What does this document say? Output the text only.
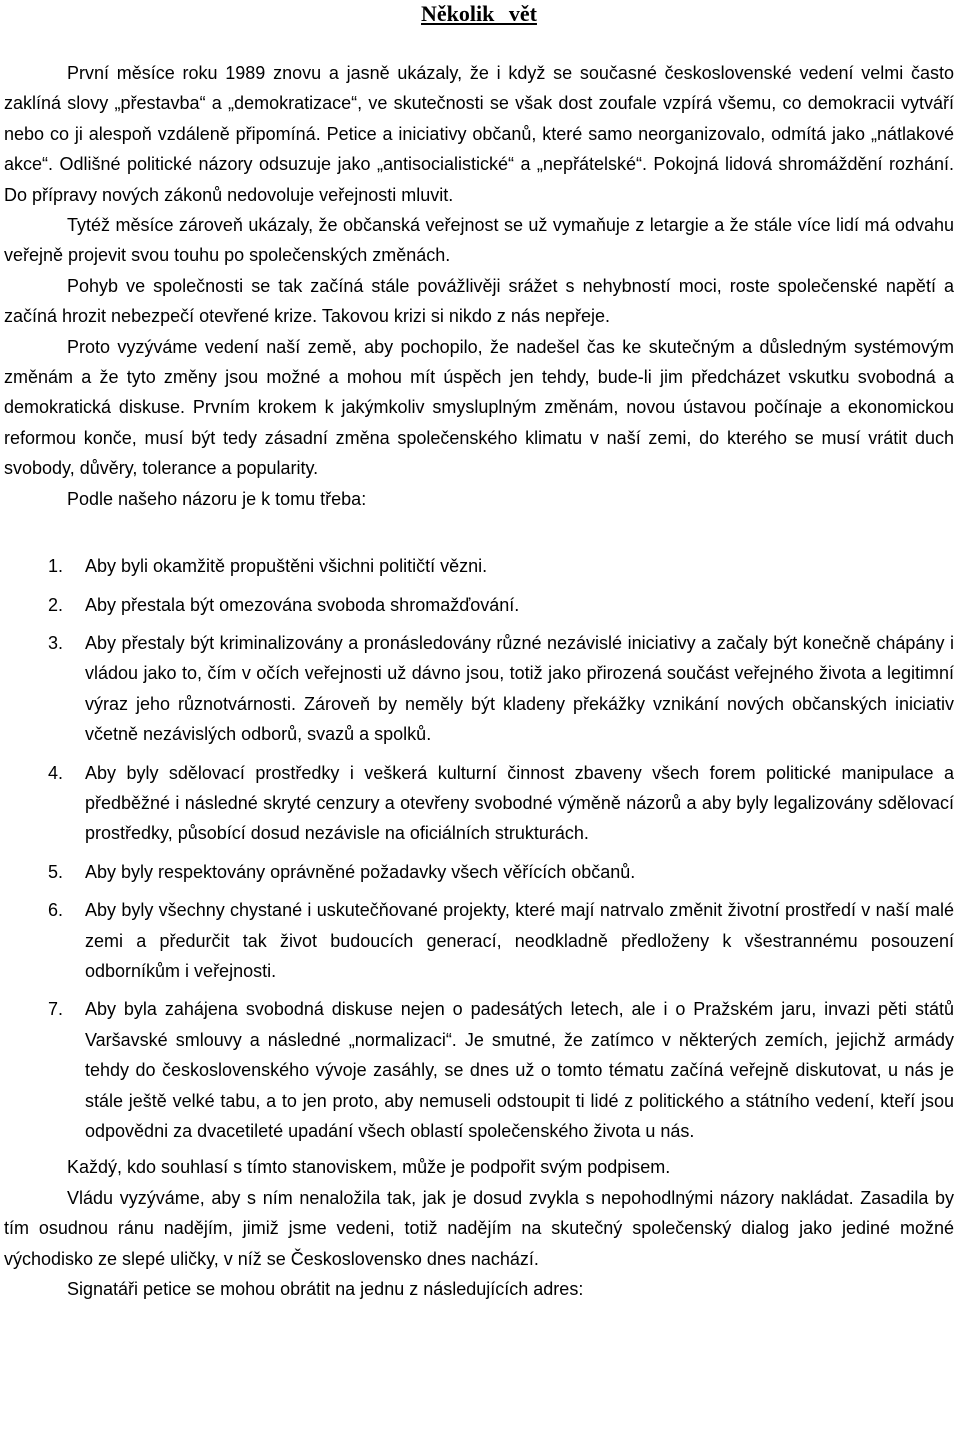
Několik vět

První měsíce roku 1989 znovu a jasně ukázaly, že i když se současné československé vedení velmi často zaklíná slovy „přestavba“ a „demokratizace“, ve skutečnosti se však dost zoufale vzpírá všemu, co demokracii vytváří nebo co ji alespoň vzdáleně připomíná. Petice a iniciativy občanů, které samo neorganizovalo, odmítá jako „nátlakové akce“. Odlišné politické názory odsuzuje jako „antisocialistické“ a „nepřátelské“. Pokojná lidová shromáždění rozhání. Do přípravy nových zákonů nedovoluje veřejnosti mluvit.

Tytéž měsíce zároveň ukázaly, že občanská veřejnost se už vymaňuje z letargie a že stále více lidí má odvahu veřejně projevit svou touhu po společenských změnách.

Pohyb ve společnosti se tak začíná stále povážlivěji srážet s nehybností moci, roste společenské napětí a začíná hrozit nebezpečí otevřené krize. Takovou krizi si nikdo z nás nepřeje.

Proto vyzýváme vedení naší země, aby pochopilo, že nadešel čas ke skutečným a důsledným systémovým změnám a že tyto změny jsou možné a mohou mít úspěch jen tehdy, bude-li jim předcházet vskutku svobodná a demokratická diskuse. Prvním krokem k jakýmkoliv smysluplným změnám, novou ústavou počínaje a ekonomickou reformou konče, musí být tedy zásadní změna společenského klimatu v naší zemi, do kterého se musí vrátit duch svobody, důvěry, tolerance a popularity.

Podle našeho názoru je k tomu třeba:

1. Aby byli okamžitě propuštěni všichni političtí vězni.
2. Aby přestala být omezována svoboda shromažďování.
3. Aby přestaly být kriminalizovány a pronásledovány různé nezávislé iniciativy a začaly být konečně chápány i vládou jako to, čím v očích veřejnosti už dávno jsou, totiž jako přirozená součást veřejného života a legitimní výraz jeho různotvárnosti. Zároveň by neměly být kladeny překážky vznikání nových občanských iniciativ včetně nezávislých odborů, svazů a spolků.
4. Aby byly sdělovací prostředky i veškerá kulturní činnost zbaveny všech forem politické manipulace a předběžné i následné skryté cenzury a otevřeny svobodné výměně názorů a aby byly legalizovány sdělovací prostředky, působící dosud nezávisle na oficiálních strukturách.
5. Aby byly respektovány oprávněné požadavky všech věřících občanů.
6. Aby byly všechny chystané i uskutečňované projekty, které mají natrvalo změnit životní prostředí v naší malé zemi a předurčit tak život budoucích generací, neodkladně předloženy k všestrannému posouzení odborníkům i veřejnosti.
7. Aby byla zahájena svobodná diskuse nejen o padesátých letech, ale i o Pražském jaru, invazi pěti států Varšavské smlouvy a následné „normalizaci“. Je smutné, že zatímco v některých zemích, jejichž armády tehdy do československého vývoje zasáhly, se dnes už o tomto tématu začíná veřejně diskutovat, u nás je stále ještě velké tabu, a to jen proto, aby nemuseli odstoupit ti lidé z politického a státního vedení, kteří jsou odpovědni za dvacetileté upadání všech oblastí společenského života u nás.

Každý, kdo souhlasí s tímto stanoviskem, může je podpořit svým podpisem.

Vládu vyzýváme, aby s ním nenaložila tak, jak je dosud zvykla s nepohodlnými názory nakládat. Zasadila by tím osudnou ránu nadějím, jimiž jsme vedeni, totiž nadějím na skutečný společenský dialog jako jediné možné východisko ze slepé uličky, v níž se Československo dnes nachází.

Signatáři petice se mohou obrátit na jednu z následujících adres:
